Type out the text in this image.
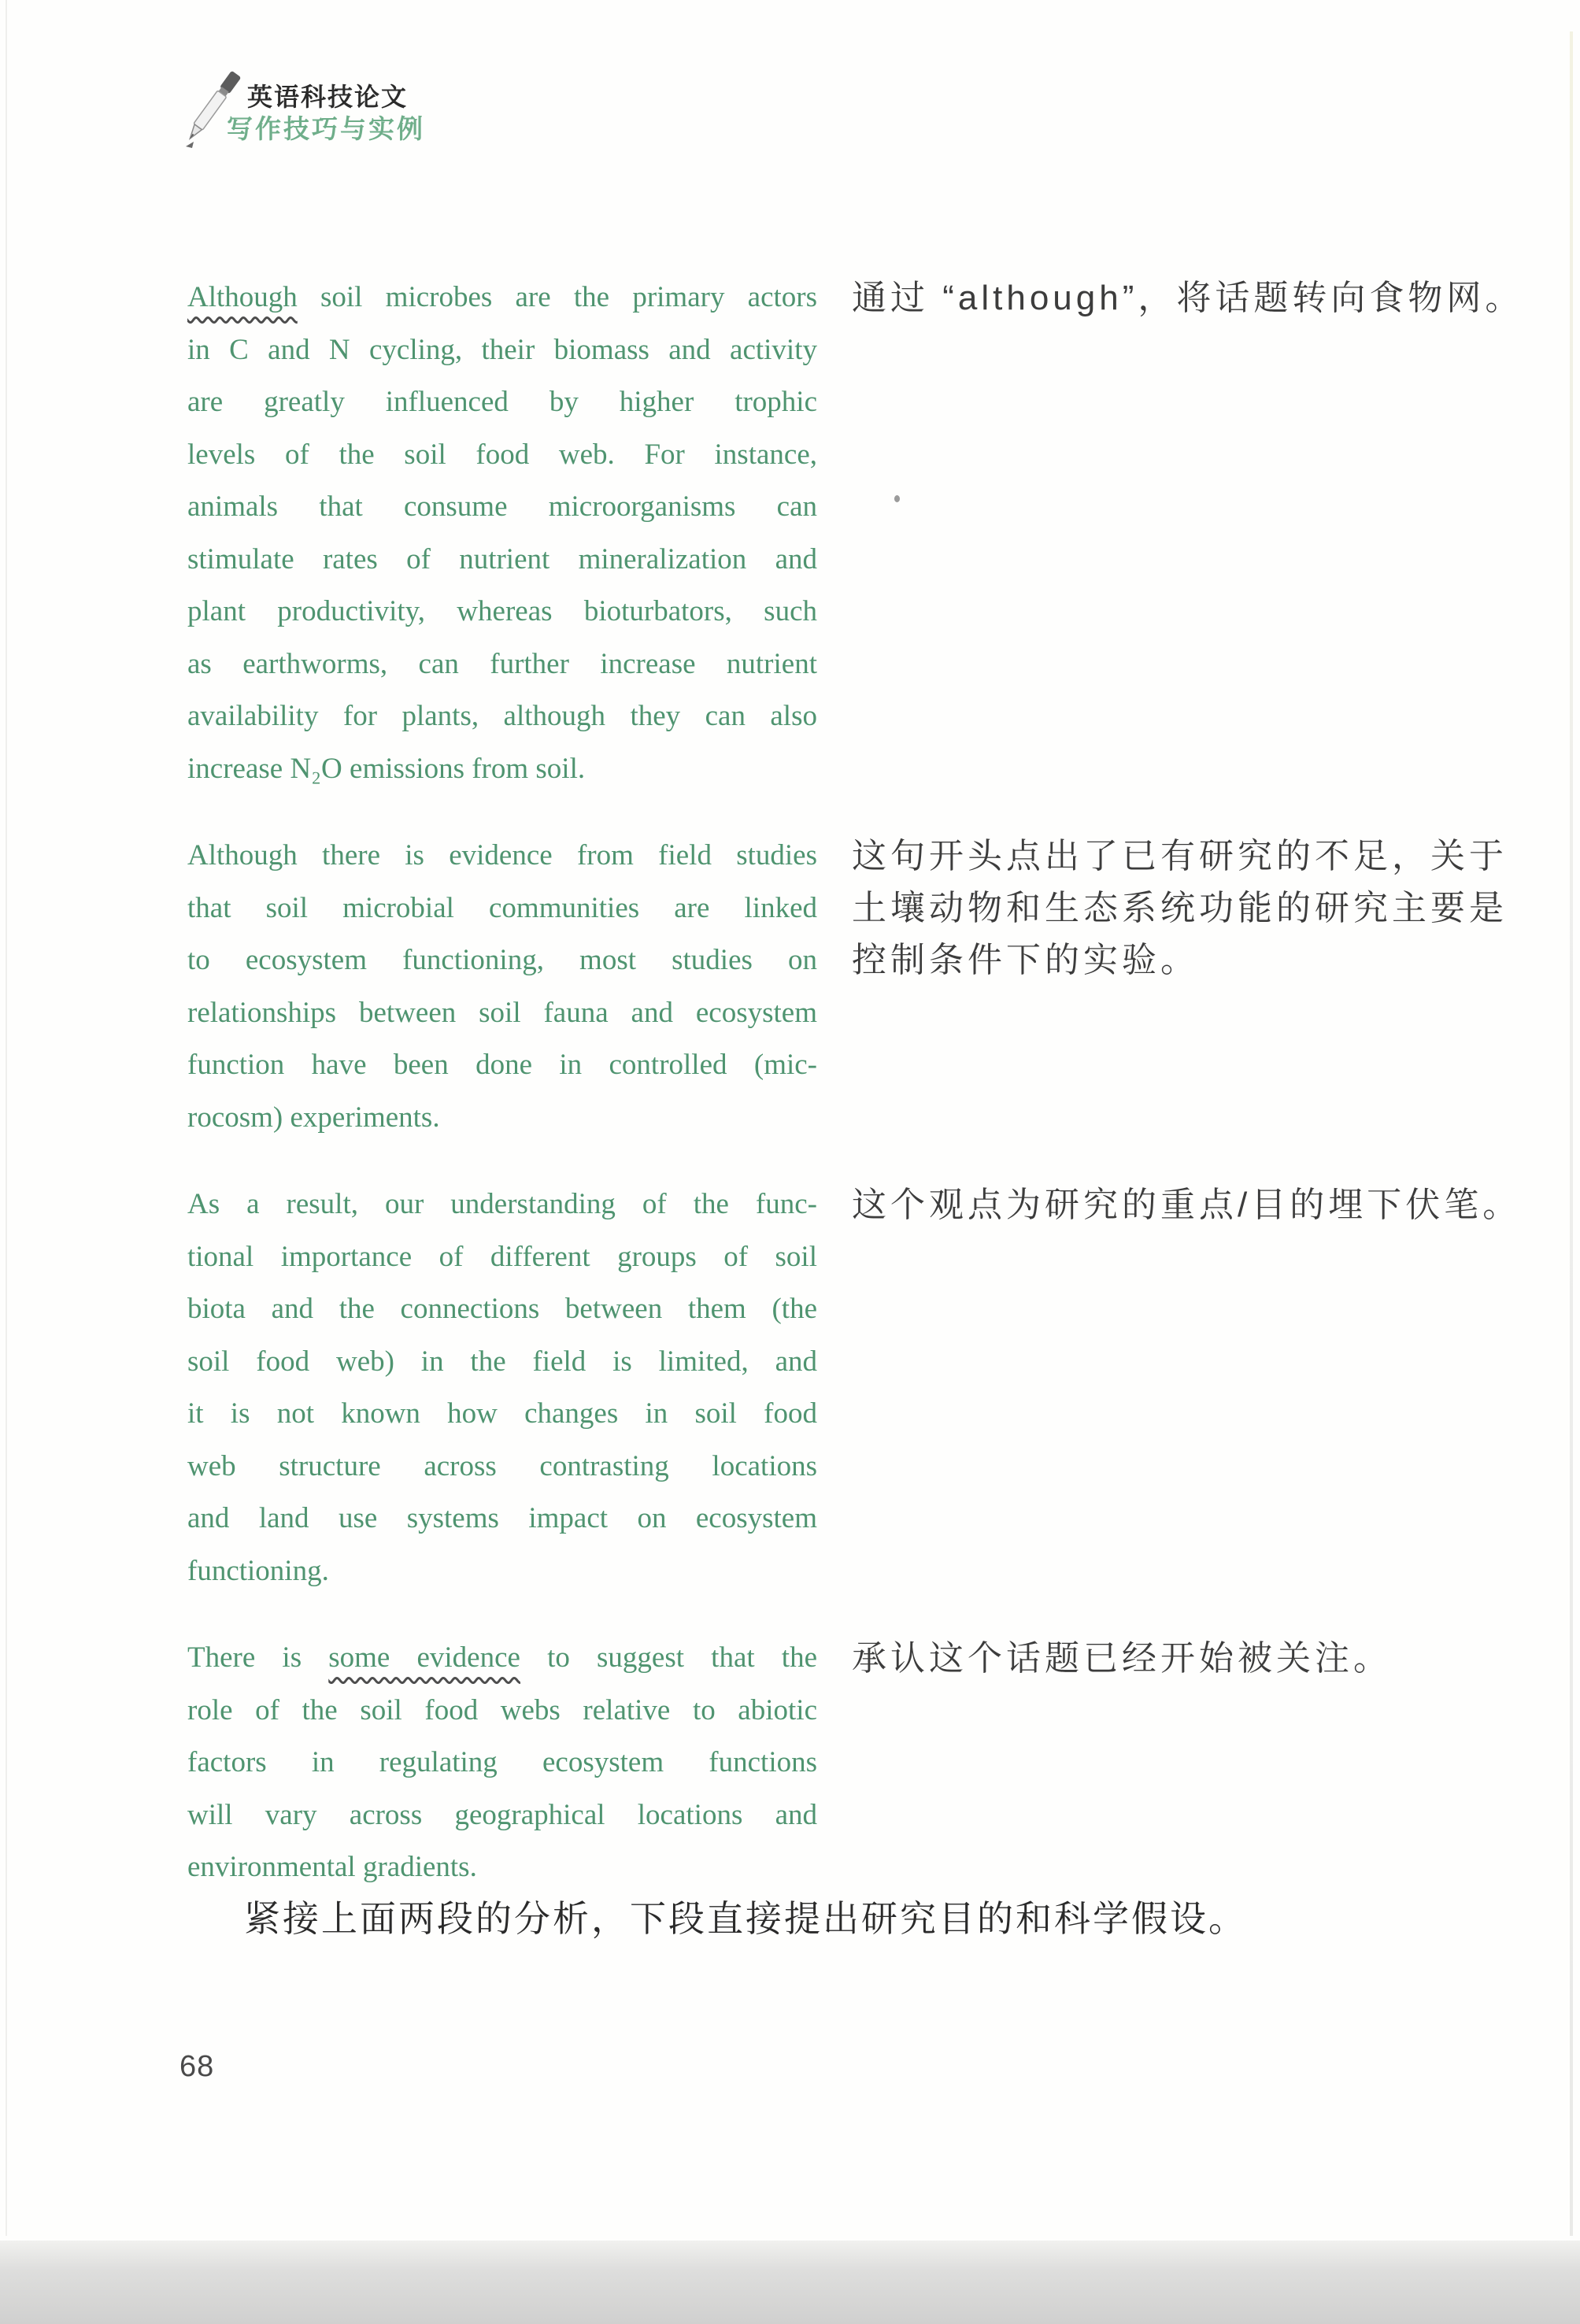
英语科技论文
写作技巧与实例
Although soil microbes are the primary actors
in C and N cycling, their biomass and activity
are greatly influenced by higher trophic
levels of the soil food web. For instance,
animals that consume microorganisms can
stimulate rates of nutrient mineralization and
plant productivity, whereas bioturbators, such
as earthworms, can further increase nutrient
availability for plants, although they can also
increase N₂O emissions from soil.
通过 “although”，将话题转向食物网。
Although there is evidence from field studies
that soil microbial communities are linked
to ecosystem functioning, most studies on
relationships between soil fauna and ecosystem
function have been done in controlled (mic-
rocosm) experiments.
这句开头点出了已有研究的不足，关于
土壤动物和生态系统功能的研究主要是
控制条件下的实验。
As a result, our understanding of the func-
tional importance of different groups of soil
biota and the connections between them (the
soil food web) in the field is limited, and
it is not known how changes in soil food
web structure across contrasting locations
and land use systems impact on ecosystem
functioning.
这个观点为研究的重点/目的埋下伏笔。
There is some evidence to suggest that the
role of the soil food webs relative to abiotic
factors in regulating ecosystem functions
will vary across geographical locations and
environmental gradients.
承认这个话题已经开始被关注。
紧接上面两段的分析，下段直接提出研究目的和科学假设。
68
